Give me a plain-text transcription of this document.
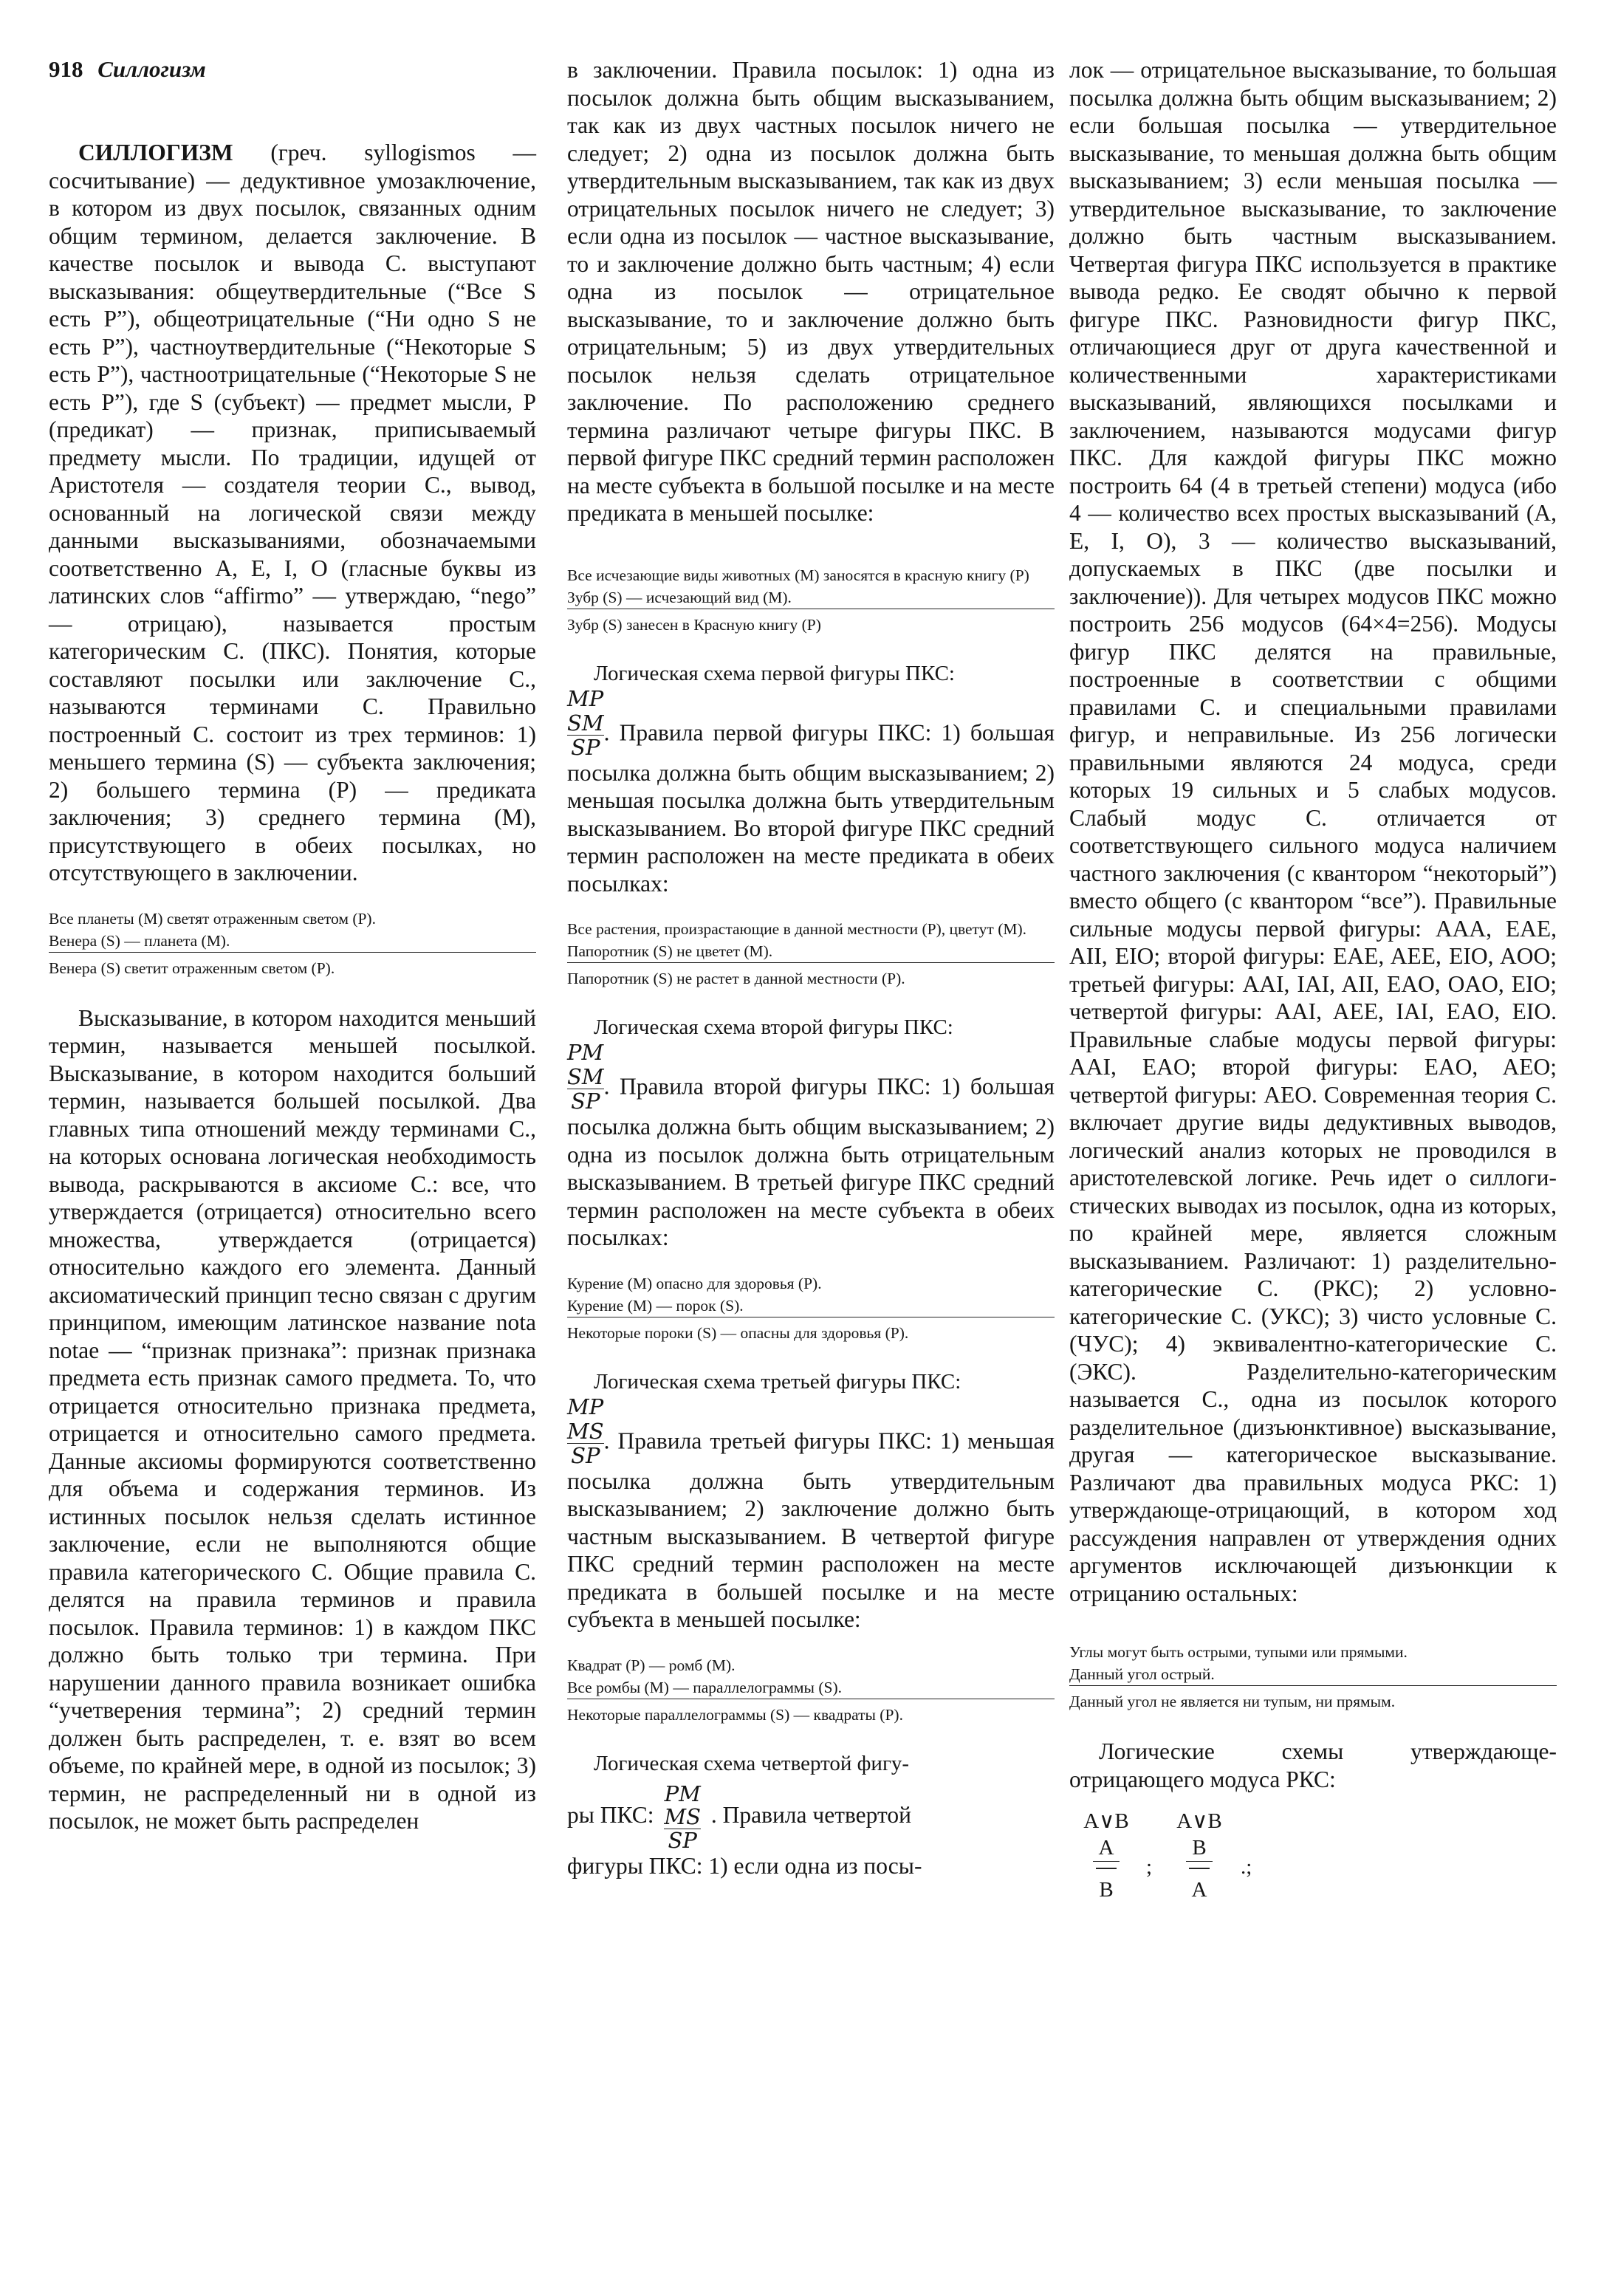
918 Силлогизм

СИЛЛОГИЗМ (греч. syllogismos — сосчитывание) — дедуктивное умозаключение, в котором из двух посылок, связанных одним общим термином, делается заключение. В качестве посылок и вывода С. выступают высказывания: общеутвердительные (“Все S есть P”), общеотрицательные (“Ни одно S не есть P”), частноутвердительные (“Некоторые S есть P”), частноотрицательные (“Некоторые S не есть P”), где S (субъект) — предмет мысли, P (предикат) — признак, приписываемый предмету мысли. По традиции, идущей от Аристотеля — создателя теории С., вывод, основанный на логической связи между данными высказываниями, обозначаемыми соответственно A, E, I, O (гласные буквы из латинских слов “affirmo” — утверждаю, “nego” — отрицаю), называется простым категорическим С. (ПКС). Понятия, которые составляют посылки или заключение С., называются терминами С. Правильно построенный С. состоит из трех терминов: 1) меньшего термина (S) — субъекта заключения; 2) большего термина (P) — предиката заключения; 3) среднего термина (M), присутствующего в обеих посылках, но отсутствующего в заключении.

Все планеты (M) светят отраженным светом (P).
Венера (S) — планета (M).
Венера (S) светит отраженным светом (P).

Высказывание, в котором находится меньший термин, называется меньшей посылкой. Высказывание, в котором находится больший термин, называется большей посылкой. Два главных типа отношений между терминами С., на которых основана логическая необходимость вывода, раскрываются в аксиоме С.: все, что утверждается (отрицается) относительно всего множества, утверждается (отрицается) относительно каждого его элемента. Данный аксиоматический принцип тесно связан с другим принципом, имеющим латинское название nota notae — “признак признака”: признак признака предмета есть признак самого предмета. То, что отрицается относительно признака предмета, отрицается и относительно самого предмета. Данные аксиомы формируются соответственно для объема и содержания терминов. Из истинных посылок нельзя сделать истинное заключение, если не выполняются общие правила категорического С. Общие правила С. делятся на правила терминов и правила посылок. Правила терминов: 1) в каждом ПКС должно быть только три термина. При нарушении данного правила возникает ошибка “учетверения термина”; 2) средний термин должен быть распределен, т. е. взят во всем объеме, по крайней мере, в одной из посылок; 3) термин, не распределенный ни в одной из посылок, не может быть распределен

в заключении. Правила посылок: 1) одна из посылок должна быть общим высказыванием, так как из двух частных посылок ничего не следует; 2) одна из посылок должна быть утвердительным высказыванием, так как из двух отрицательных посылок ничего не следует; 3) если одна из посылок — частное высказывание, то и заключение должно быть частным; 4) если одна из посылок — отрицательное высказывание, то и заключение должно быть отрицательным; 5) из двух утвердительных посылок нельзя сделать отрицательное заключение. По расположению среднего термина различают четыре фигуры ПКС. В первой фигуре ПКС средний термин расположен на месте субъекта в большой посылке и на месте предиката в меньшей посылке:

Все исчезающие виды животных (M) заносятся в красную книгу (P)
Зубр (S) — исчезающий вид (M).
Зубр (S) занесен в Красную книгу (P)

Логическая схема первой фигуры ПКС:

MP
$\frac{SM}{SP}$ . Правила первой фигуры ПКС: 1) большая посылка должна быть общим высказыванием; 2) меньшая посылка должна быть утвердительным высказыванием. Во второй фигуре ПКС средний термин расположен на месте предиката в обеих посылках:
Все растения, произрастающие в данной местности (P), цветут (M).
Папоротник (S) не цветет (M).
Папоротник (S) не растет в данной местности (P).

Логическая схема второй фигуры ПКС:

PM
$\frac{SM}{SP}$ . Правила второй фигуры ПКС: 1) большая посылка должна быть общим высказыванием; 2) одна из посылок должна быть отрицательным высказыванием. В третьей фигуре ПКС средний термин расположен на месте субъекта в обеих посылках:
Курение (M) опасно для здоровья (P).
Курение (M) — порок (S).
Некоторые пороки (S) — опасны для здоровья (P).

Логическая схема третьей фигуры ПКС:

MP
$\frac{MS}{SP}$ . Правила третьей фигуры ПКС: 1) меньшая посылка должна быть утвердительным высказыванием; 2) заключение должно быть частным высказыванием. В четвертой фигуре ПКС средний термин расположен на месте предиката в большей посылке и на месте субъекта в меньшей посылке:
Квадрат (P) — ромб (M).
Все ромбы (M) — параллелограммы (S).
Некоторые параллелограммы (S) — квадраты (P).

Логическая схема четвертой фигу-

ры ПКС:
PM
MS
SP
. Правила четвертой

фигуры ПКС: 1) если одна из посы-

лок — отрицательное высказывание, то большая посылка должна быть общим высказыванием; 2) если большая посылка — утвердительное высказывание, то меньшая должна быть общим высказыванием; 3) если меньшая посылка — утвердительное высказывание, то заключение должно быть частным высказыванием. Четвертая фигура ПКС используется в практике вывода редко. Ее сводят обычно к первой фигуре ПКС. Разновидности фигур ПКС, отличающиеся друг от друга качественной и количественными характеристиками высказываний, являющихся посылками и заключением, называются модусами фигур ПКС. Для каждой фигуры ПКС можно построить 64 (4 в третьей степени) модуса (ибо 4 — количество всех простых высказываний (A, E, I, O), 3 — количество высказываний, допускаемых в ПКС (две посылки и заключение)). Для четырех модусов ПКС можно построить 256 модусов (64×4=256). Модусы фигур ПКС делятся на правильные, построенные в соответствии с общими правилами С. и специальными правилами фигур, и неправильные. Из 256 логически правильными являются 24 модуса, среди которых 19 сильных и 5 слабых модусов. Слабый модус С. отличается от соответствующего сильного модуса наличием частного заключения (с квантором “некоторый”) вместо общего (с квантором “все”). Правильные сильные модусы первой фигуры: AAA, EAE, AII, EIO; второй фигуры: EAE, AEE, EIO, AOO; третьей фигуры: AAI, IAI, AII, EAO, OAO, EIO; четвертой фигуры: AAI, AEE, IAI, EAO, EIO. Правильные слабые модусы первой фигуры: AAI, EAO; второй фигуры: EAO, AEO; четвертой фигуры: AEO. Современная теория С. включает другие виды дедуктивных выводов, логический анализ которых не проводился в аристотелевской логике. Речь идет о силлоги-стических выводах из посылок, одна из которых, по крайней мере, является сложным высказыванием. Различают: 1) разделительно-категорические С. (РКС); 2) условно-категорические С. (УКС); 3) чисто условные С. (ЧУС); 4) эквивалентно-категорические С. (ЭКС). Разделительно-категорическим называется С., одна из посылок которого разделительное (дизъюнктивное) высказывание, другая — категорическое высказывание. Различают два правильных модуса РКС: 1) утверждающе-отрицающий, в котором ход рассуждения направлен от утверждения одних аргументов исключающей дизъюнкции к отрицанию остальных:

Углы могут быть острыми, тупыми или прямыми.
Данный угол острый.
Данный угол не является ни тупым, ни прямым.

Логические схемы утверждающе-отрицающего модуса РКС:

A∨B
A
B
;
A∨B
B
A
.;
